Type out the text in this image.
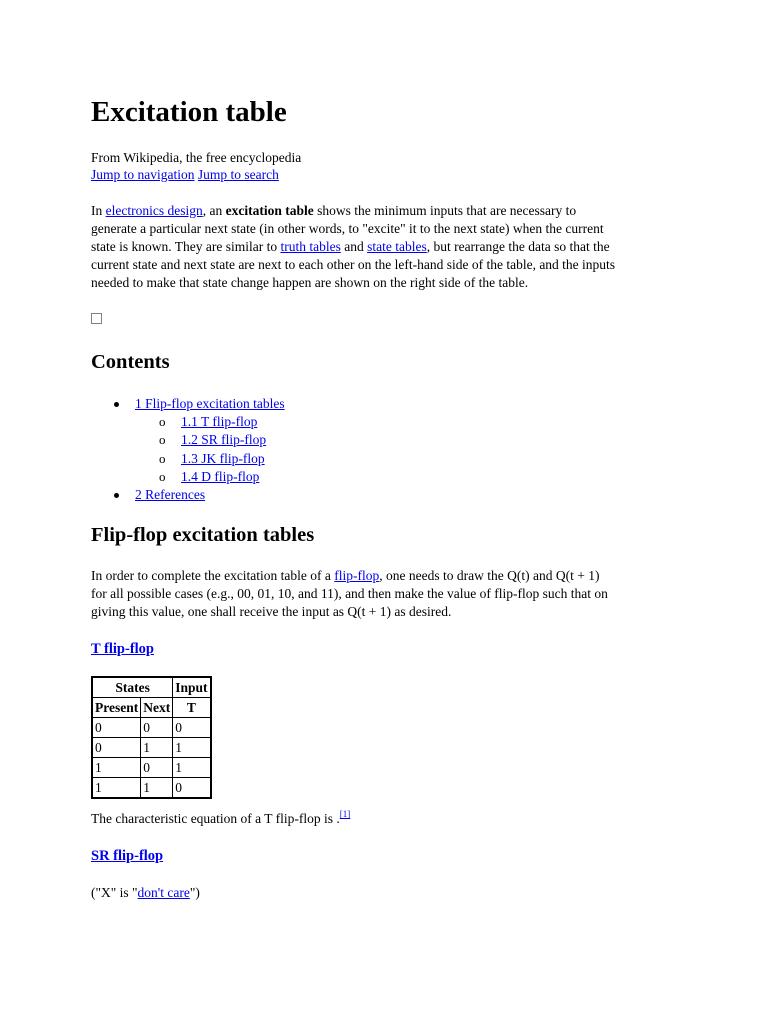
Excitation table
From Wikipedia, the free encyclopedia
Jump to navigation Jump to search

In electronics design, an excitation table shows the minimum inputs that are necessary to
generate a particular next state (in other words, to "excite" it to the next state) when the current
state is known. They are similar to truth tables and state tables, but rearrange the data so that the
current state and next state are next to each other on the left-hand side of the table, and the inputs
needed to make that state change happen are shown on the right side of the table.

Contents
1 Flip-flop excitation tables
o 1.1 T flip-flop
o 1.2 SR flip-flop
o 1.3 JK flip-flop
o 1.4 D flip-flop
2 References
Flip-flop excitation tables

In order to complete the excitation table of a flip-flop, one needs to draw the Q(t) and Q(t + 1)
for all possible cases (e.g., 00, 01, 10, and 11), and then make the value of flip-flop such that on
giving this value, one shall receive the input as Q(t + 1) as desired.

T flip-flop
States		Input
Present	Next	T
0	0	0
0	1	1
1	0	1
1	1	0
The characteristic equation of a T flip-flop is .[1]
SR flip-flop
("X" is "don't care")
